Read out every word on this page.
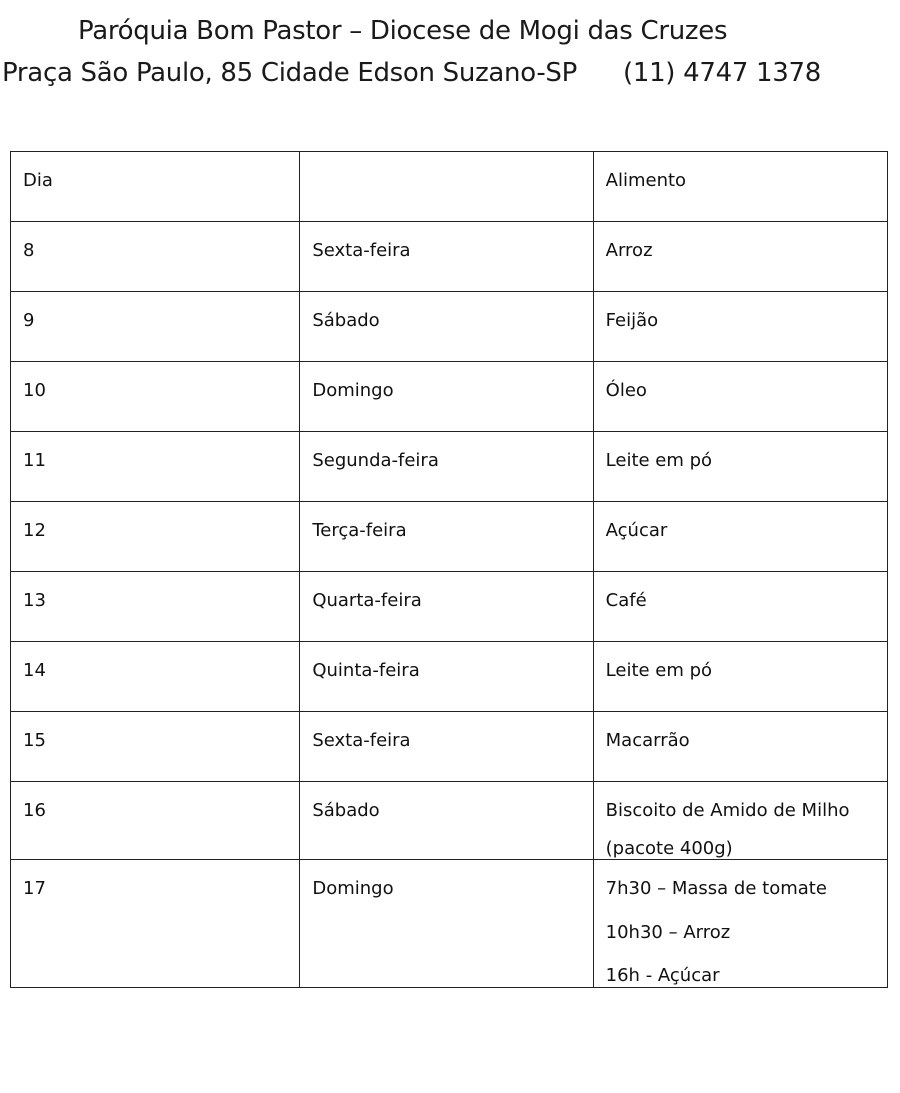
Paróquia Bom Pastor – Diocese de Mogi das Cruzes
Praça São Paulo, 85 Cidade Edson Suzano-SP (11) 4747 1378
Dia		Alimento
8	Sexta-feira	Arroz
9	Sábado	Feijão
10	Domingo	Óleo
11	Segunda-feira	Leite em pó
12	Terça-feira	Açúcar
13	Quarta-feira	Café
14	Quinta-feira	Leite em pó
15	Sexta-feira	Macarrão
16	Sábado	Biscoito de Amido de Milho
(pacote 400g)

17	Domingo	7h30 – Massa de tomate
10h30 – Arroz
16h - Açúcar
